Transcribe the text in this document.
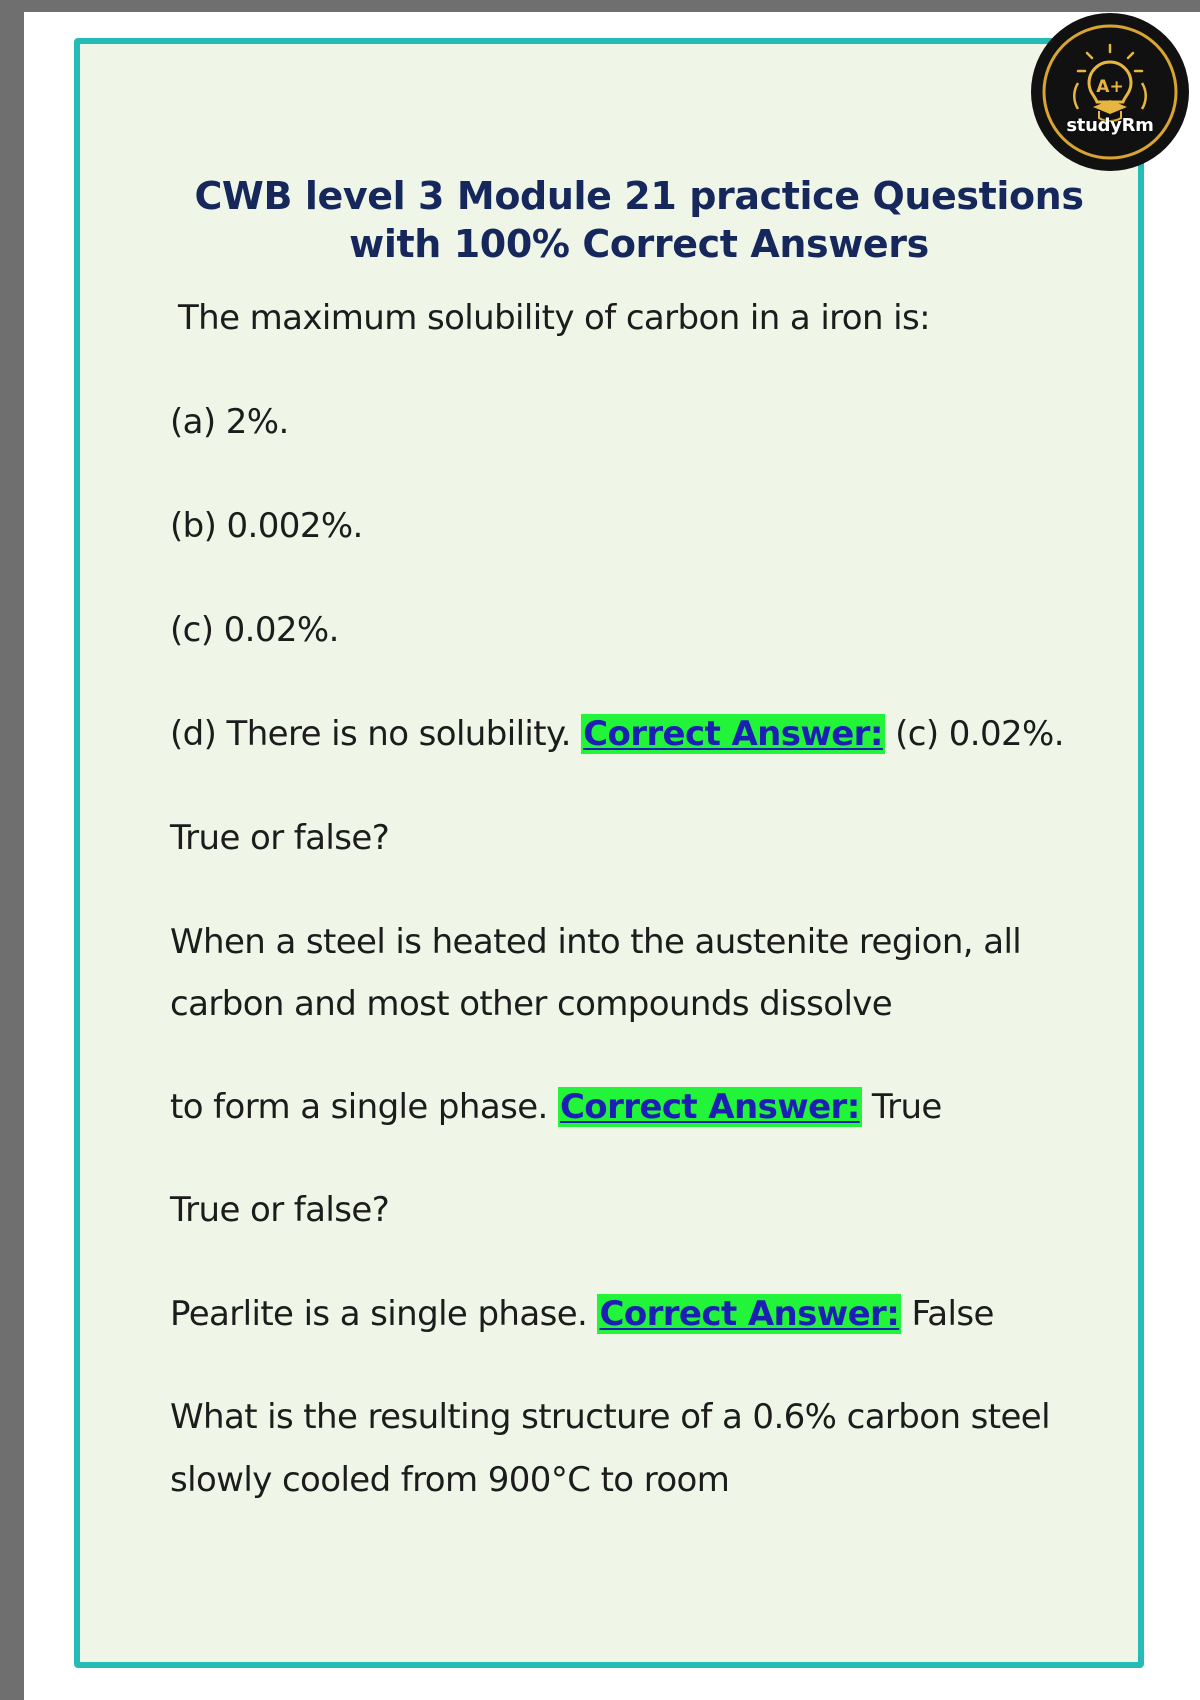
CWB level 3 Module 21 practice Questions with 100% Correct Answers
The maximum solubility of carbon in a iron is:
(a) 2%.
(b) 0.002%.
(c) 0.02%.
(d) There is no solubility. Correct Answer: (c) 0.02%.
True or false?
When a steel is heated into the austenite region, all
carbon and most other compounds dissolve
to form a single phase. Correct Answer: True
True or false?
Pearlite is a single phase. Correct Answer: False
What is the resulting structure of a 0.6% carbon steel
slowly cooled from 900°C to room
A+
studyRm
